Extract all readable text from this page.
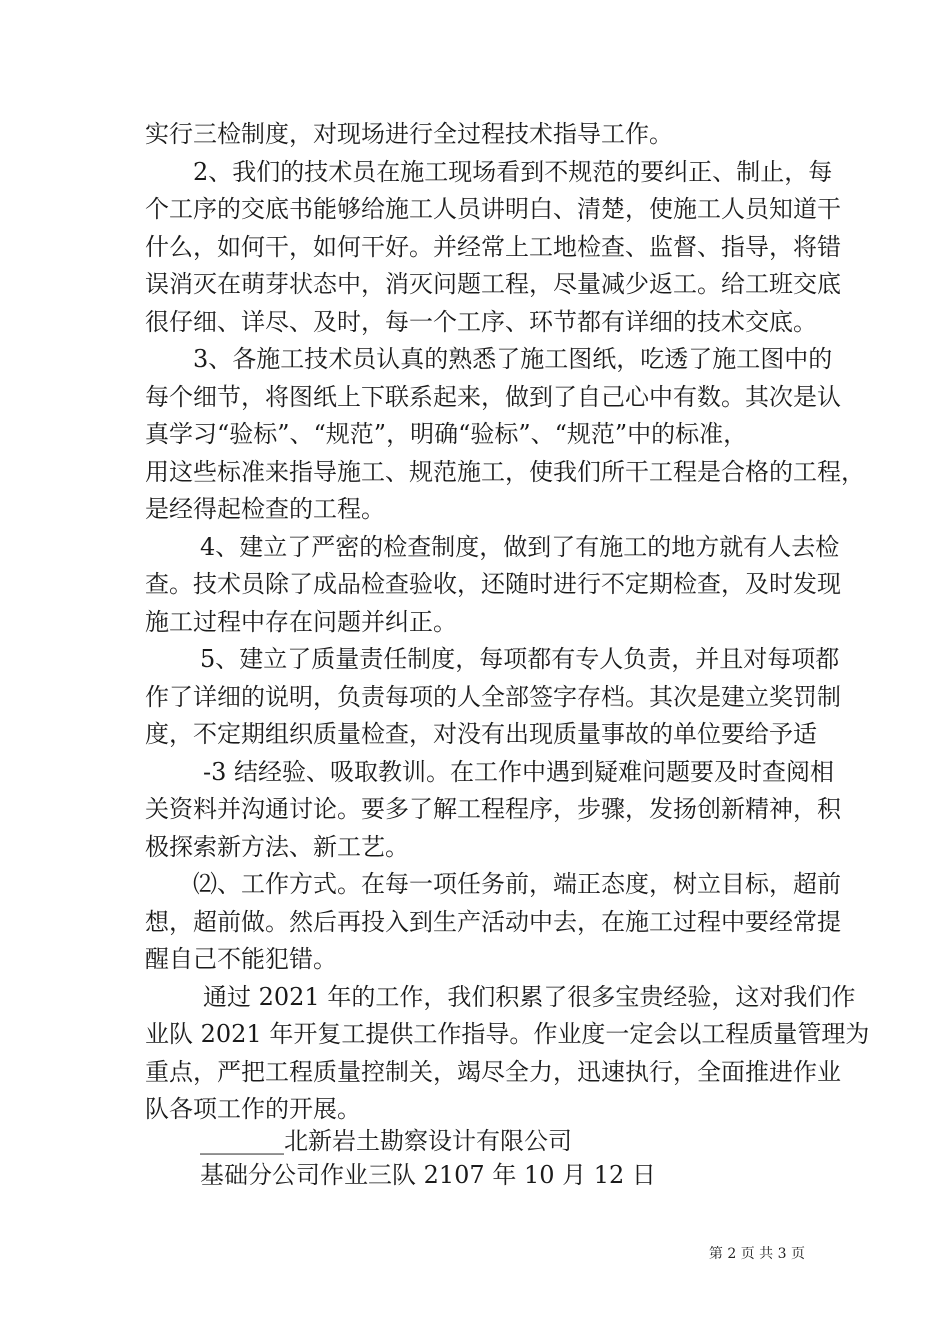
实行三检制度，对现场进行全过程技术指导工作。
2、我们的技术员在施工现场看到不规范的要纠正、制止，每
个工序的交底书能够给施工人员讲明白、清楚，使施工人员知道干
什么，如何干，如何干好。并经常上工地检查、监督、指导，将错
误消灭在萌芽状态中，消灭问题工程，尽量减少返工。给工班交底
很仔细、详尽、及时，每一个工序、环节都有详细的技术交底。
3、各施工技术员认真的熟悉了施工图纸，吃透了施工图中的
每个细节，将图纸上下联系起来，做到了自己心中有数。其次是认
真学习“验标”、“规范”，明确“验标”、“规范”中的标准，
用这些标准来指导施工、规范施工，使我们所干工程是合格的工程，
是经得起检查的工程。
4、建立了严密的检查制度，做到了有施工的地方就有人去检
查。技术员除了成品检查验收，还随时进行不定期检查，及时发现
施工过程中存在问题并纠正。
5、建立了质量责任制度，每项都有专人负责，并且对每项都
作了详细的说明，负责每项的人全部签字存档。其次是建立奖罚制
度，不定期组织质量检查，对没有出现质量事故的单位要给予适
-3 结经验、吸取教训。在工作中遇到疑难问题要及时查阅相
关资料并沟通讨论。要多了解工程程序，步骤，发扬创新精神，积
极探索新方法、新工艺。
⑵、工作方式。在每一项任务前，端正态度，树立目标，超前
想，超前做。然后再投入到生产活动中去，在施工过程中要经常提
醒自己不能犯错。
通过 2021 年的工作，我们积累了很多宝贵经验，这对我们作
业队 2021 年开复工提供工作指导。作业度一定会以工程质量管理为
重点，严把工程质量控制关，竭尽全力，迅速执行，全面推进作业
队各项工作的开展。
_______北新岩土勘察设计有限公司
基础分公司作业三队 2107 年 10 月 12 日
第 2 页 共 3 页
